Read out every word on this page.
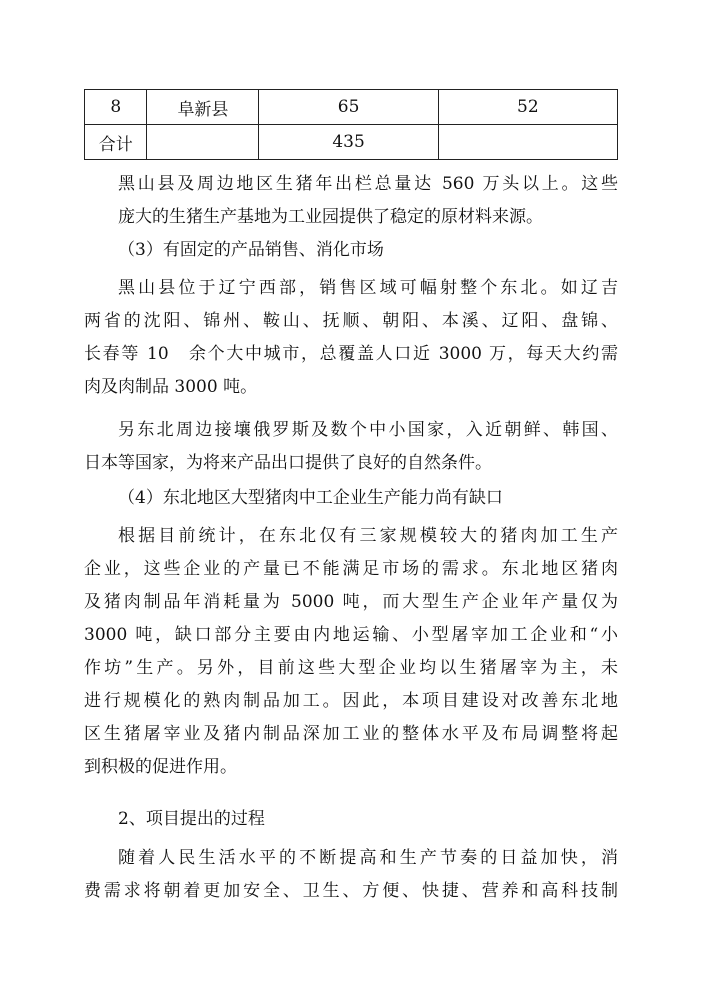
8	阜新县	65	52
合计		435	
黑山县及周边地区生猪年出栏总量达 560 万头以上。这些
庞大的生猪生产基地为工业园提供了稳定的原材料来源。
（3）有固定的产品销售、消化市场
黑山县位于辽宁西部，销售区域可幅射整个东北。如辽吉
两省的沈阳、锦州、鞍山、抚顺、朝阳、本溪、辽阳、盘锦、
长春等 10　余个大中城市，总覆盖人口近 3000 万，每天大约需
肉及肉制品 3000 吨。
另东北周边接壤俄罗斯及数个中小国家，入近朝鲜、韩国、
日本等国家，为将来产品出口提供了良好的自然条件。
（4）东北地区大型猪肉中工企业生产能力尚有缺口
根据目前统计，在东北仅有三家规模较大的猪肉加工生产
企业，这些企业的产量已不能满足市场的需求。东北地区猪肉
及猪肉制品年消耗量为 5000 吨，而大型生产企业年产量仅为
3000 吨，缺口部分主要由内地运输、小型屠宰加工企业和“小
作坊”生产。另外，目前这些大型企业均以生猪屠宰为主，未
进行规模化的熟肉制品加工。因此，本项目建设对改善东北地
区生猪屠宰业及猪内制品深加工业的整体水平及布局调整将起
到积极的促进作用。
2、项目提出的过程
随着人民生活水平的不断提高和生产节奏的日益加快，消
费需求将朝着更加安全、卫生、方便、快捷、营养和高科技制
